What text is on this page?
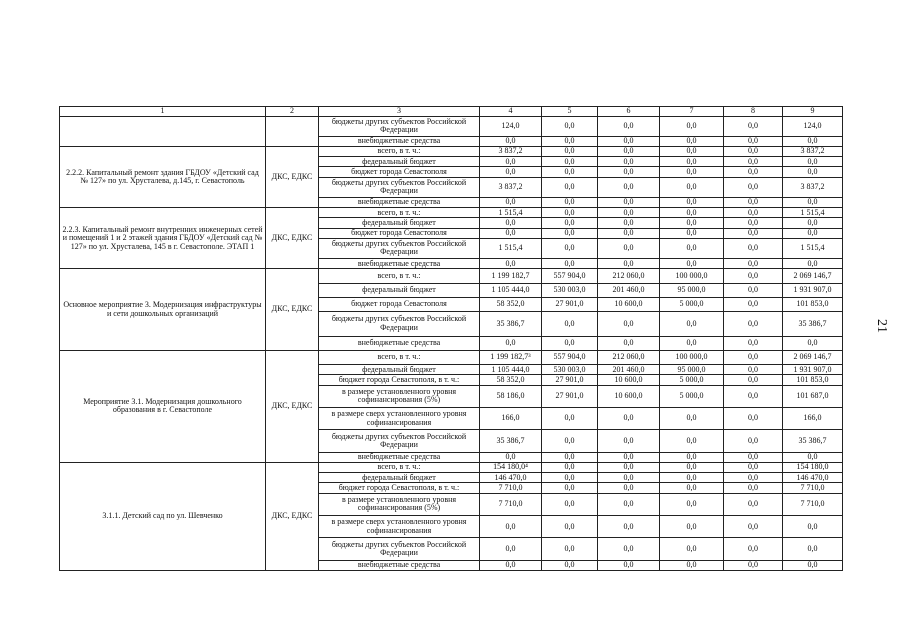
1	2	3	4	5	6	7	8	9
		бюджеты других субъектов Российской Федерации	124,0	0,0	0,0	0,0	0,0	124,0
		внебюджетные средства	0,0	0,0	0,0	0,0	0,0	0,0
2.2.2. Капитальный ремонт здания ГБДОУ «Детский сад № 127» по ул. Хрусталева, д.145, г. Севастополь	ДКС, ЕДКС	всего, в т. ч.:	3 837,2	0,0	0,0	0,0	0,0	3 837,2
		федеральный бюджет	0,0	0,0	0,0	0,0	0,0	0,0
		бюджет города Севастополя	0,0	0,0	0,0	0,0	0,0	0,0
		бюджеты других субъектов Российской Федерации	3 837,2	0,0	0,0	0,0	0,0	3 837,2
		внебюджетные средства	0,0	0,0	0,0	0,0	0,0	0,0
2.2.3. Капитальный ремонт внутренних инженерных сетей и помещений 1 и 2 этажей здания ГБДОУ «Детский сад № 127» по ул. Хрусталева, 145 в г. Севастополе. ЭТАП 1	ДКС, ЕДКС	всего, в т. ч.:	1 515,4	0,0	0,0	0,0	0,0	1 515,4
		федеральный бюджет	0,0	0,0	0,0	0,0	0,0	0,0
		бюджет города Севастополя	0,0	0,0	0,0	0,0	0,0	0,0
		бюджеты других субъектов Российской Федерации	1 515,4	0,0	0,0	0,0	0,0	1 515,4
		внебюджетные средства	0,0	0,0	0,0	0,0	0,0	0,0
Основное мероприятие 3. Модернизация инфраструктуры и сети дошкольных организаций	ДКС, ЕДКС	всего, в т. ч.:	1 199 182,7	557 904,0	212 060,0	100 000,0	0,0	2 069 146,7
		федеральный бюджет	1 105 444,0	530 003,0	201 460,0	95 000,0	0,0	1 931 907,0
		бюджет города Севастополя	58 352,0	27 901,0	10 600,0	5 000,0	0,0	101 853,0
		бюджеты других субъектов Российской Федерации	35 386,7	0,0	0,0	0,0	0,0	35 386,7
		внебюджетные средства	0,0	0,0	0,0	0,0	0,0	0,0
Мероприятие 3.1. Модернизация дошкольного образования в г. Севастополе	ДКС, ЕДКС	всего, в т. ч.:	1 199 182,7³	557 904,0	212 060,0	100 000,0	0,0	2 069 146,7
		федеральный бюджет	1 105 444,0	530 003,0	201 460,0	95 000,0	0,0	1 931 907,0
		бюджет города Севастополя, в т. ч.:	58 352,0	27 901,0	10 600,0	5 000,0	0,0	101 853,0
		в размере установленного уровня софинансирования (5%)	58 186,0	27 901,0	10 600,0	5 000,0	0,0	101 687,0
		в размере сверх установленного уровня софинансирования	166,0	0,0	0,0	0,0	0,0	166,0
		бюджеты других субъектов Российской Федерации	35 386,7	0,0	0,0	0,0	0,0	35 386,7
		внебюджетные средства	0,0	0,0	0,0	0,0	0,0	0,0
3.1.1. Детский сад по ул. Шевченко	ДКС, ЕДКС	всего, в т. ч.:	154 180,0⁴	0,0	0,0	0,0	0,0	154 180,0
		федеральный бюджет	146 470,0	0,0	0,0	0,0	0,0	146 470,0
		бюджет города Севастополя, в т. ч.:	7 710,0	0,0	0,0	0,0	0,0	7 710,0
		в размере установленного уровня софинансирования (5%)	7 710,0	0,0	0,0	0,0	0,0	7 710,0
		в размере сверх установленного уровня софинансирования	0,0	0,0	0,0	0,0	0,0	0,0
		бюджеты других субъектов Российской Федерации	0,0	0,0	0,0	0,0	0,0	0,0
		внебюджетные средства	0,0	0,0	0,0	0,0	0,0	0,0
21
